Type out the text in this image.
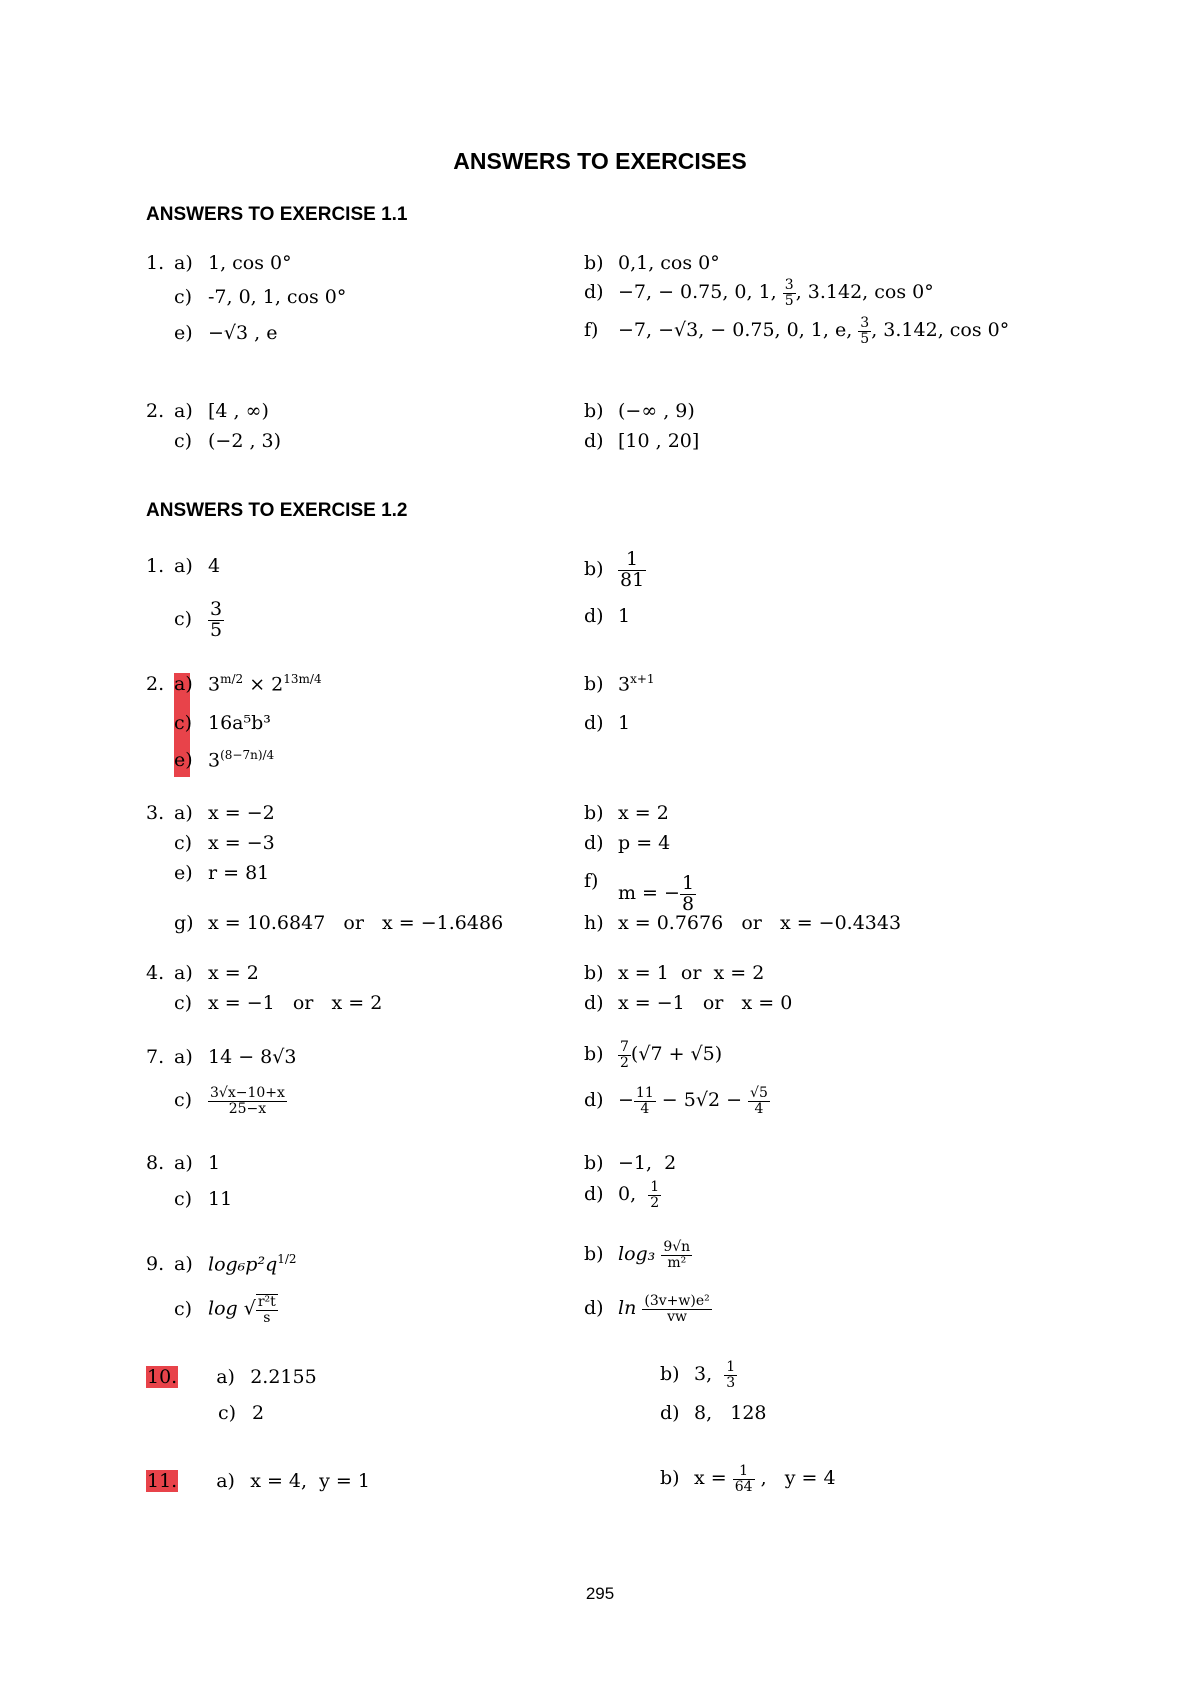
ANSWERS TO EXERCISES
ANSWERS TO EXERCISE 1.1
1. a) 1, cos 0°	b) 0,1, cos 0°
c) -7, 0, 1, cos 0°	d) −7, − 0.75, 0, 1, $\frac{3}{5}$ , 3.142, cos 0°
e) −√3 , e	f) −7, −√3, − 0.75, 0, 1, e, $\frac{3}{5}$ , 3.142, cos 0°
2. a) [4 , ∞)	b) (−∞ , 9)
c) (−2 , 3)	d) [10 , 20]
ANSWERS TO EXERCISE 1.2
1. a) 4	$b) \frac{1}{81}$
$c) \frac{3}{5}$	d) 1
2. a) $3^{m/2} \times 2^{13m/4}$	b) $3^{x+1}$
c) 16a⁵b³	d) 1
e) $3^{(8-7n)/4}$
3. a) x = −2	b) x = 2
c) x = −3	d) p = 4
e) r = 81	f)m = − $\frac{1}{8}$
g) x = 10.6847   or   x = −1.6486	h) x = 0.7676   or   x = −0.4343
4. a) x = 2	b) x = 1  or  x = 2
c) x = −1   or   x = 2	d) x = −1   or   x = 0
7. a) 14 − 8√3	$b) \frac{7}{2} (√7 + √5)$
$c) \frac{3√x-10+x}{25-x}$	$d) - \frac{11}{4} - 5√2 - \frac{√5}{4}$
8. a) 1	b) −1,  2
c) 11	d) 0, $\frac{1}{2}$
9. a) $\log_6p^2q^{1/2}$	b) $\log_3 \frac{9√n}{\text{m²}}$
c) log √ $\frac{\text{r²t}}{s}$	d) $\ln \frac{\text{(3v+w)e²}}{vw}$
10. a) 2.2155	b) 3, $\frac{1}{3}$
c) 2	d) 8,   128
11. a) x = 4,  y = 1	b) $x = \frac{1}{64}$ ,   y = 4
295
